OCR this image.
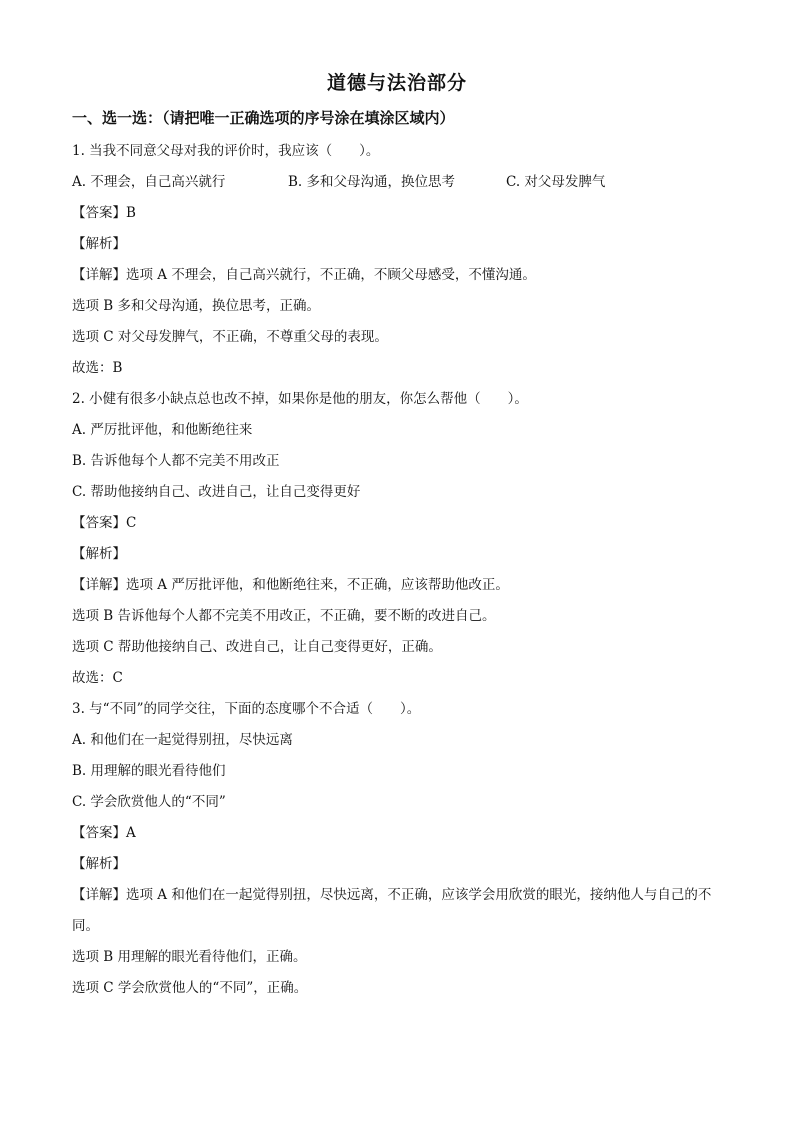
道德与法治部分
一、选一选：（请把唯一正确选项的序号涂在填涂区域内）
1. 当我不同意父母对我的评价时，我应该（　　）。
A. 不理会，自己高兴就行	B. 多和父母沟通，换位思考	C. 对父母发脾气
【答案】B
【解析】
【详解】选项 A 不理会，自己高兴就行，不正确，不顾父母感受，不懂沟通。
选项 B 多和父母沟通，换位思考，正确。
选项 C 对父母发脾气，不正确，不尊重父母的表现。
故选：B
2. 小健有很多小缺点总也改不掉，如果你是他的朋友，你怎么帮他（　　）。
A. 严厉批评他，和他断绝往来
B. 告诉他每个人都不完美不用改正
C. 帮助他接纳自己、改进自己，让自己变得更好
【答案】C
【解析】
【详解】选项 A 严厉批评他，和他断绝往来，不正确，应该帮助他改正。
选项 B 告诉他每个人都不完美不用改正，不正确，要不断的改进自己。
选项 C 帮助他接纳自己、改进自己，让自己变得更好，正确。
故选：C
3. 与“不同”的同学交往，下面的态度哪个不合适（　　）。
A. 和他们在一起觉得别扭，尽快远离
B. 用理解的眼光看待他们
C. 学会欣赏他人的“不同”
【答案】A
【解析】
【详解】选项 A 和他们在一起觉得别扭，尽快远离，不正确，应该学会用欣赏的眼光，接纳他人与自己的不同。
选项 B 用理解的眼光看待他们，正确。
选项 C 学会欣赏他人的“不同”，正确。
